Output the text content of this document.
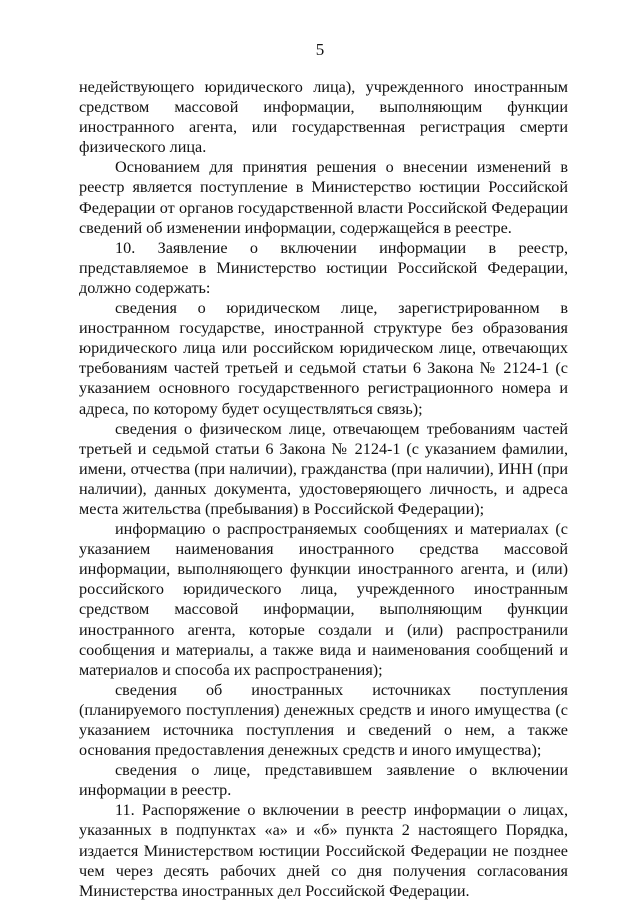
5

недействующего юридического лица), учрежденного иностранным средством массовой информации, выполняющим функции иностранного агента, или государственная регистрация смерти физического лица.

Основанием для принятия решения о внесении изменений в реестр является поступление в Министерство юстиции Российской Федерации от органов государственной власти Российской Федерации сведений об изменении информации, содержащейся в реестре.

10. Заявление о включении информации в реестр, представляемое в Министерство юстиции Российской Федерации, должно содержать:

сведения о юридическом лице, зарегистрированном в иностранном государстве, иностранной структуре без образования юридического лица или российском юридическом лице, отвечающих требованиям частей третьей и седьмой статьи 6 Закона № 2124-1 (с указанием основного государственного регистрационного номера и адреса, по которому будет осуществляться связь);

сведения о физическом лице, отвечающем требованиям частей третьей и седьмой статьи 6 Закона № 2124-1 (с указанием фамилии, имени, отчества (при наличии), гражданства (при наличии), ИНН (при наличии), данных документа, удостоверяющего личность, и адреса места жительства (пребывания) в Российской Федерации);

информацию о распространяемых сообщениях и материалах (с указанием наименования иностранного средства массовой информации, выполняющего функции иностранного агента, и (или) российского юридического лица, учрежденного иностранным средством массовой информации, выполняющим функции иностранного агента, которые создали и (или) распространили сообщения и материалы, а также вида и наименования сообщений и материалов и способа их распространения);

сведения об иностранных источниках поступления (планируемого поступления) денежных средств и иного имущества (с указанием источника поступления и сведений о нем, а также основания предоставления денежных средств и иного имущества);

сведения о лице, представившем заявление о включении информации в реестр.

11. Распоряжение о включении в реестр информации о лицах, указанных в подпунктах «а» и «б» пункта 2 настоящего Порядка, издается Министерством юстиции Российской Федерации не позднее чем через десять рабочих дней со дня получения согласования Министерства иностранных дел Российской Федерации.
